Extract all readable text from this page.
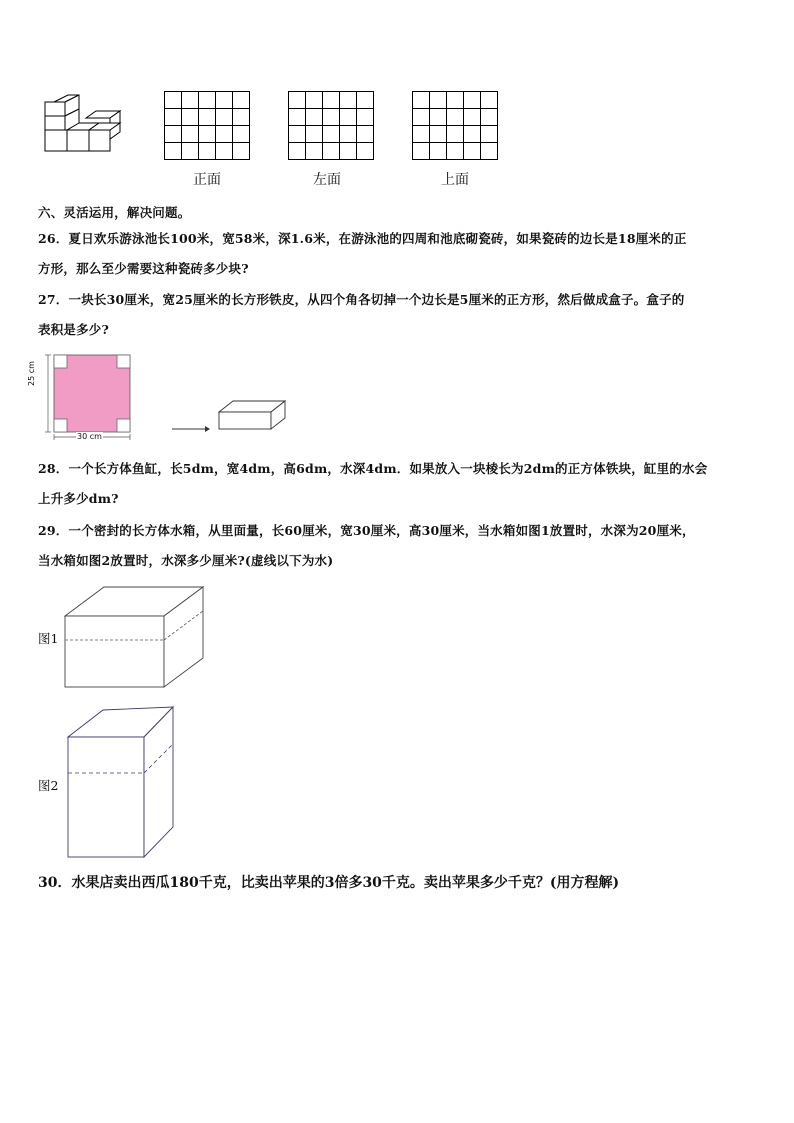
正面	左面	上面
六、灵活运用，解决问题。
26．夏日欢乐游泳池长100米，宽58米，深1.6米，在游泳池的四周和池底砌瓷砖，如果瓷砖的边长是18厘米的正
方形，那么至少需要这种瓷砖多少块?
27．一块长30厘米，宽25厘米的长方形铁皮，从四个角各切掉一个边长是5厘米的正方形，然后做成盒子。盒子的
表积是多少?
25 cm
30 cm
28．一个长方体鱼缸，长5dm，宽4dm，高6dm，水深4dm．如果放入一块棱长为2dm的正方体铁块，缸里的水会
上升多少dm?
29．一个密封的长方体水箱，从里面量，长60厘米，宽30厘米，高30厘米，当水箱如图1放置时，水深为20厘米，
当水箱如图2放置时，水深多少厘米?(虚线以下为水)
图1
图2
30．水果店卖出西瓜180千克，比卖出苹果的3倍多30千克。卖出苹果多少千克？(用方程解)
